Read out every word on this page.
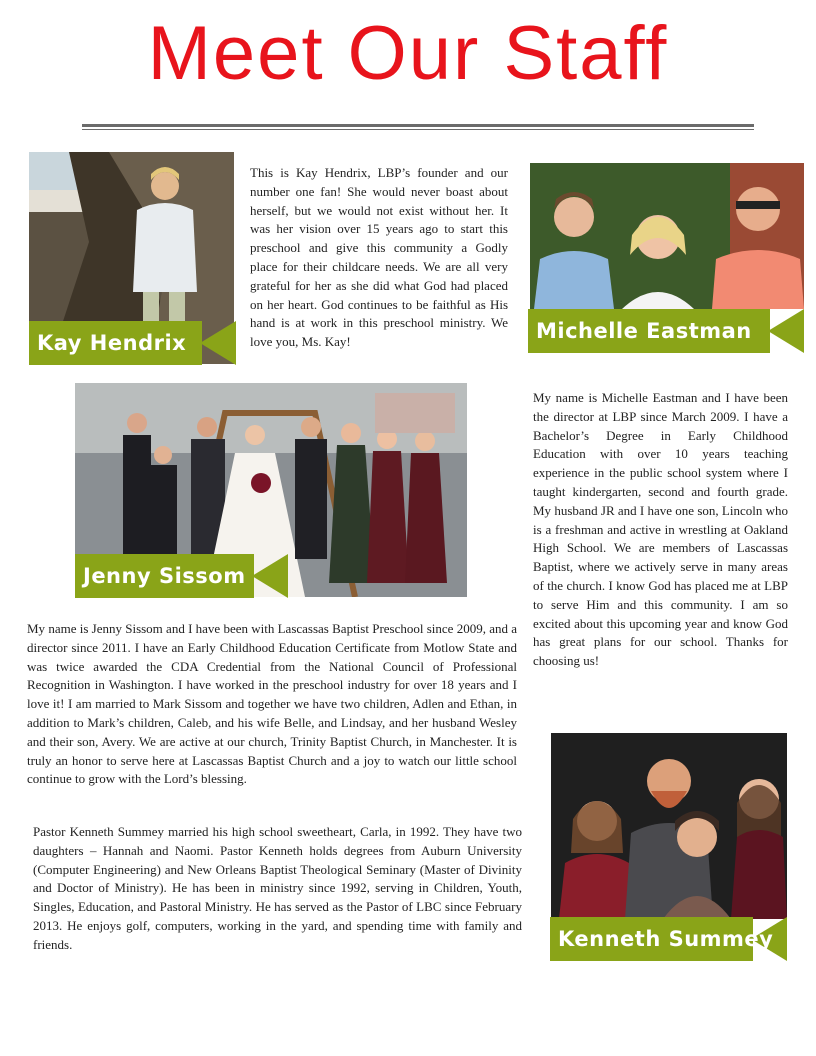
Meet Our Staff
Kay Hendrix
This is Kay Hendrix, LBP’s founder and our number one fan! She would never boast about herself, but we would not exist without her. It was her vision over 15 years ago to start this preschool and give this community a Godly place for their childcare needs. We are all very grateful for her as she did what God had placed on her heart. God continues to be faithful as His hand is at work in this preschool ministry. We love you, Ms. Kay!	Michelle Eastman
My name is Michelle Eastman and I have been the director at LBP since March 2009. I have a Bachelor’s Degree in Early Childhood Education with over 10 years teaching experience in the public school system where I taught kindergarten, second and fourth grade. My husband JR and I have one son, Lincoln who is a freshman and active in wrestling at Oakland High School. We are members of Lascassas Baptist, where we actively serve in many areas of the church. I know God has placed me at LBP to serve Him and this community. I am so excited about this upcoming year and know God has great plans for our school. Thanks for choosing us!
Jenny Sissom
My name is Jenny Sissom and I have been with Lascassas Baptist Preschool since 2009, and a director since 2011. I have an Early Childhood Education Certificate from Motlow State and was twice awarded the CDA Credential from the National Council of Professional Recognition in Washington. I have worked in the preschool industry for over 18 years and I love it! I am married to Mark Sissom and together we have two children, Adlen and Ethan, in addition to Mark’s children, Caleb, and his wife Belle, and Lindsay, and her husband Wesley and their son, Avery. We are active at our church, Trinity Baptist Church, in Manchester. It is truly an honor to serve here at Lascassas Baptist Church and a joy to watch our little school continue to grow with the Lord’s blessing.
Pastor Kenneth Summey married his high school sweetheart, Carla, in 1992. They have two daughters – Hannah and Naomi. Pastor Kenneth holds degrees from Auburn University (Computer Engineering) and New Orleans Baptist Theological Seminary (Master of Divinity and Doctor of Ministry). He has been in ministry since 1992, serving in Children, Youth, Singles, Education, and Pastoral Ministry. He has served as the Pastor of LBC since February 2013. He enjoys golf, computers, working in the yard, and spending time with family and friends.	Kenneth Summey
